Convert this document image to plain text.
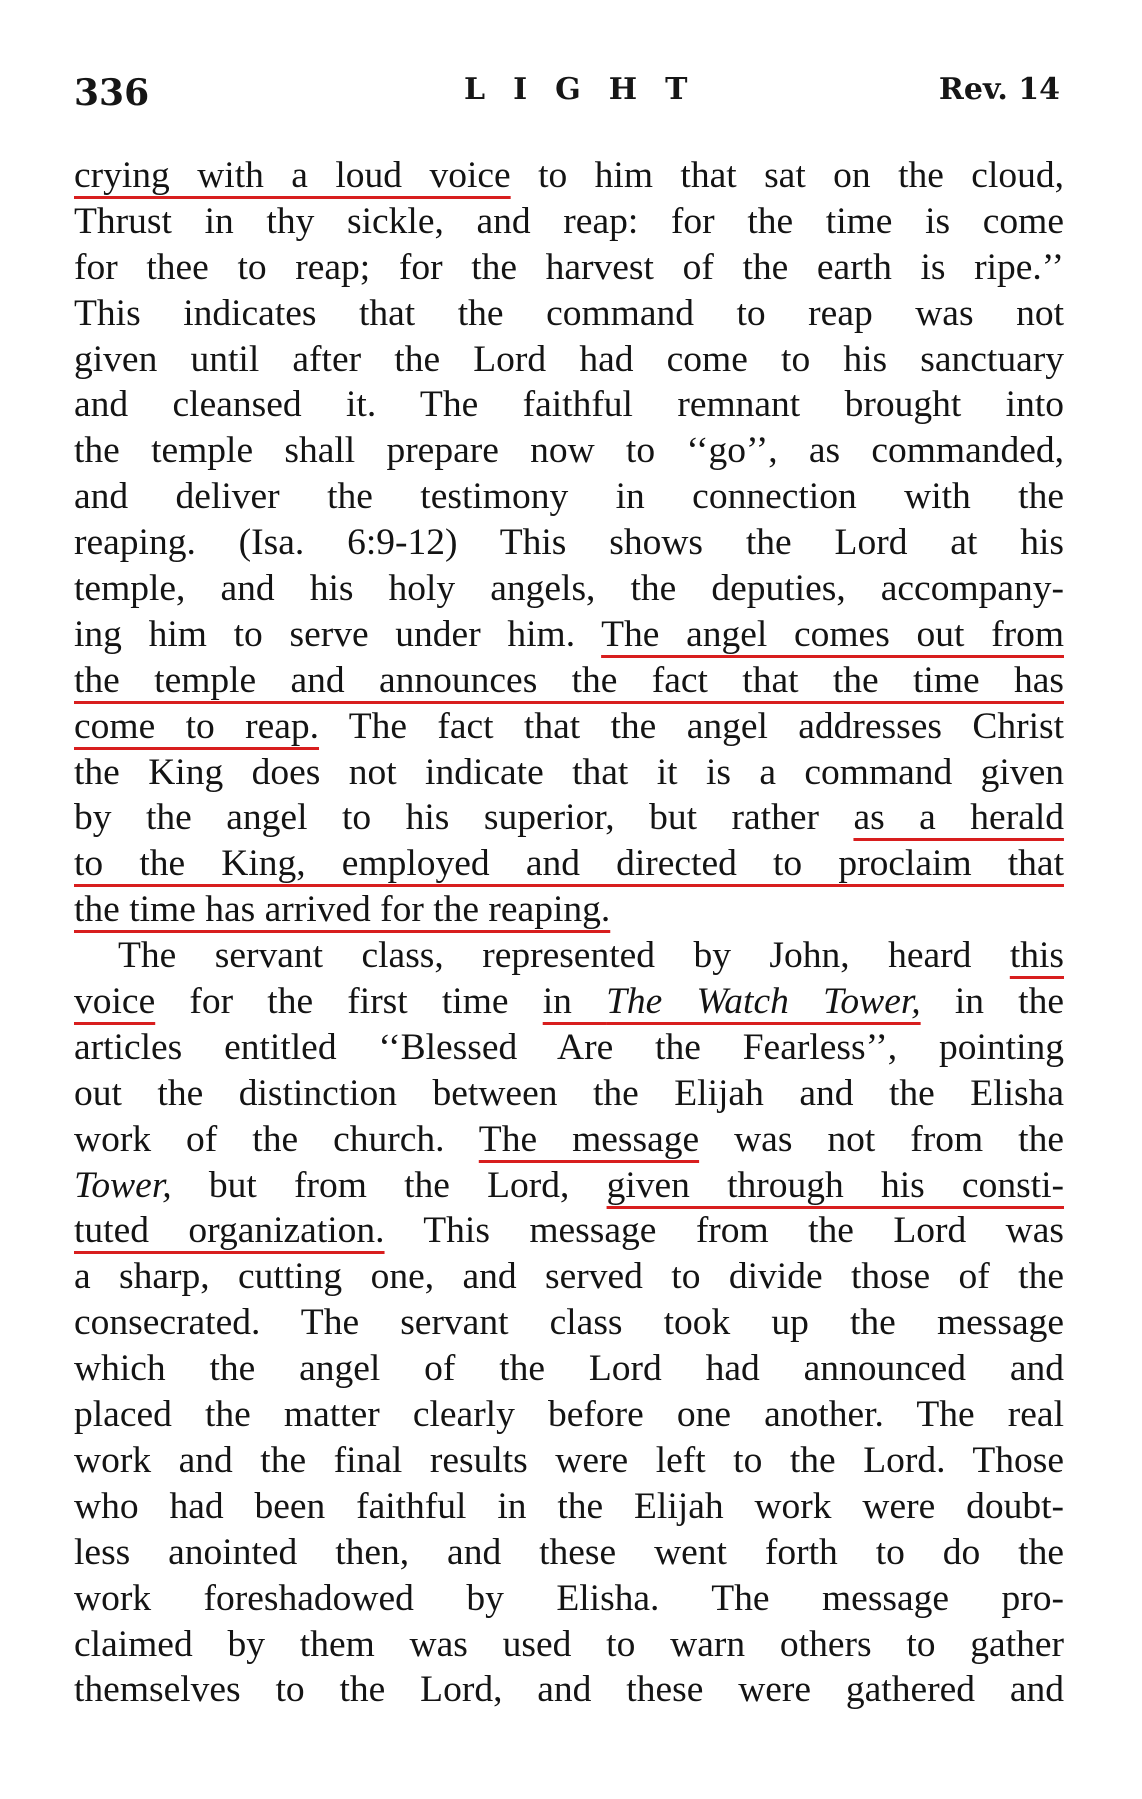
336	LIGHT	Rev. 14
crying with a loud voice to him that sat on the cloud,
Thrust in thy sickle, and reap: for the time is come
for thee to reap; for the harvest of the earth is ripe.’’
This indicates that the command to reap was not
given until after the Lord had come to his sanctuary
and cleansed it. The faithful remnant brought into
the temple shall prepare now to ‘‘go’’, as commanded,
and deliver the testimony in connection with the
reaping. (Isa. 6:9-12) This shows the Lord at his
temple, and his holy angels, the deputies, accompany-
ing him to serve under him. The angel comes out from
the temple and announces the fact that the time has
come to reap. The fact that the angel addresses Christ
the King does not indicate that it is a command given
by the angel to his superior, but rather as a herald
to the King, employed and directed to proclaim that
the time has arrived for the reaping.
The servant class, represented by John, heard this
voice for the first time in The Watch Tower, in the
articles entitled ‘‘Blessed Are the Fearless’’, pointing
out the distinction between the Elijah and the Elisha
work of the church. The message was not from the
Tower, but from the Lord, given through his consti-
tuted organization. This message from the Lord was
a sharp, cutting one, and served to divide those of the
consecrated. The servant class took up the message
which the angel of the Lord had announced and
placed the matter clearly before one another. The real
work and the final results were left to the Lord. Those
who had been faithful in the Elijah work were doubt-
less anointed then, and these went forth to do the
work foreshadowed by Elisha. The message pro-
claimed by them was used to warn others to gather
themselves to the Lord, and these were gathered and
